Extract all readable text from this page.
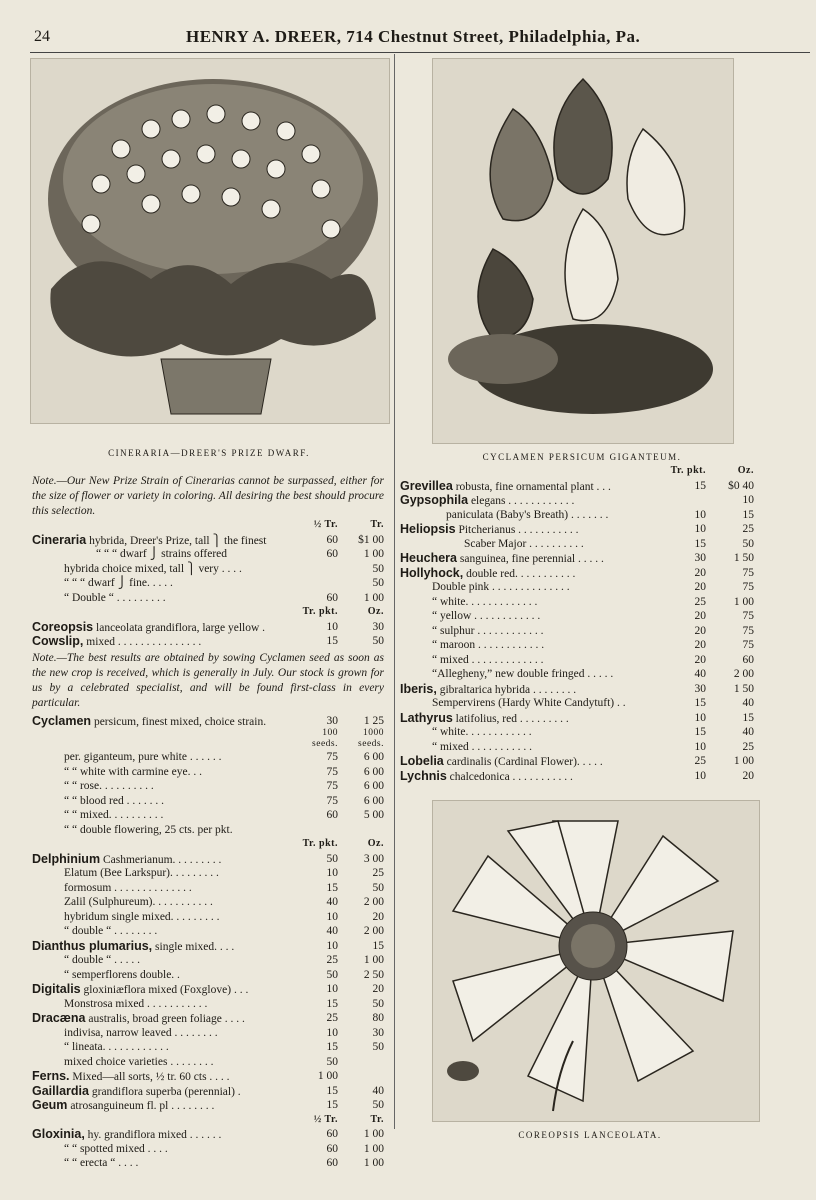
24	HENRY A. DREER, 714 Chestnut Street, Philadelphia, Pa.
CINERARIA—DREER'S PRIZE DWARF.	CYCLAMEN PERSICUM GIGANTEUM.
COREOPSIS LANCEOLATA.
Note.—Our New Prize Strain of Cinerarias cannot be surpassed, either for the size of flower or variety in coloring. All desiring the best should procure this selection.
½ Tr.	Tr.
Cineraria hybrida, Dreer's Prize, tall ⎫ the finest	60 $1 00
“ “ “ dwarf ⎭ strains offered	60 1 00
hybrida choice mixed, tall ⎫ very . . . .	50
“ “ “ dwarf ⎭ fine. . . . .	50
“ Double “ . . . . . . . . .	60 1 00
Tr. pkt.	Oz.
Coreopsis lanceolata grandiflora, large yellow .	10	30
Cowslip, mixed . . . . . . . . . . . . . . .	15	50
Note.—The best results are obtained by sowing Cyclamen seed as soon as the new crop is received, which is generally in July. Our stock is grown for us by a celebrated specialist, and will be found first-class in every particular.
Cyclamen persicum, finest mixed, choice strain.	30 1 25
100	1000
seeds. seeds.
per. giganteum, pure white . . . . . .	75 6 00
“ “ white with carmine eye. . .	75 6 00
“ “ rose. . . . . . . . . .	75 6 00
“ “ blood red . . . . . . .	75 6 00
“ “ mixed. . . . . . . . . .	60 5 00
“ “ double flowering, 25 cts. per pkt.
Tr. pkt.	Oz.
Delphinium Cashmerianum. . . . . . . . .	50 3 00
Elatum (Bee Larkspur). . . . . . . . .	10	25
formosum . . . . . . . . . . . . . .	15	50
Zalil (Sulphureum). . . . . . . . . . .	40 2 00
hybridum single mixed. . . . . . . . .	10	20
“ double “ . . . . . . . .	40 2 00
Dianthus plumarius, single mixed. . . .	10	15
“ double “ . . . . .	25 1 00
“ semperflorens double. .	50 2 50
Digitalis gloxiniæflora mixed (Foxglove) . . .	10	20
Monstrosa mixed . . . . . . . . . . .	15	50
Dracæna australis, broad green foliage . . . .	25	80
indivisa, narrow leaved . . . . . . . .	10	30
“ lineata. . . . . . . . . . . .	15	50
mixed choice varieties . . . . . . . .	50
Ferns. Mixed—all sorts, ½ tr. 60 cts . . . .	1 00
Gaillardia grandiflora superba (perennial) .	15	40
Geum atrosanguineum fl. pl . . . . . . . .	15	50
½ Tr.	Tr.
Gloxinia, hy. grandiflora mixed . . . . . .	60 1 00
“ “ spotted mixed . . . .	60 1 00
“ “ erecta “ . . . .	60 1 00
Tr. pkt.	Oz.
Grevillea robusta, fine ornamental plant . . .	15 $0 40
Gypsophila elegans . . . . . . . . . . . .	10
paniculata (Baby's Breath) . . . . . . .	10	15
Heliopsis Pitcherianus . . . . . . . . . . .	10	25
Scaber Major . . . . . . . . . .	15	50
Heuchera sanguinea, fine perennial . . . . .	30 1 50
Hollyhock, double red. . . . . . . . . . .	20	75
Double pink . . . . . . . . . . . . . .	20	75
“ white. . . . . . . . . . . . .	25 1 00
“ yellow . . . . . . . . . . . .	20	75
“ sulphur . . . . . . . . . . . .	20	75
“ maroon . . . . . . . . . . . .	20	75
“ mixed . . . . . . . . . . . . .	20	60
“Allegheny,” new double fringed . . . . .	40 2 00
Iberis, gibraltarica hybrida . . . . . . . .	30 1 50
Sempervirens (Hardy White Candytuft) . .	15	40
Lathyrus latifolius, red . . . . . . . . .	10	15
“ white. . . . . . . . . . . .	15	40
“ mixed . . . . . . . . . . .	10	25
Lobelia cardinalis (Cardinal Flower). . . . .	25 1 00
Lychnis chalcedonica . . . . . . . . . . .	10	20
